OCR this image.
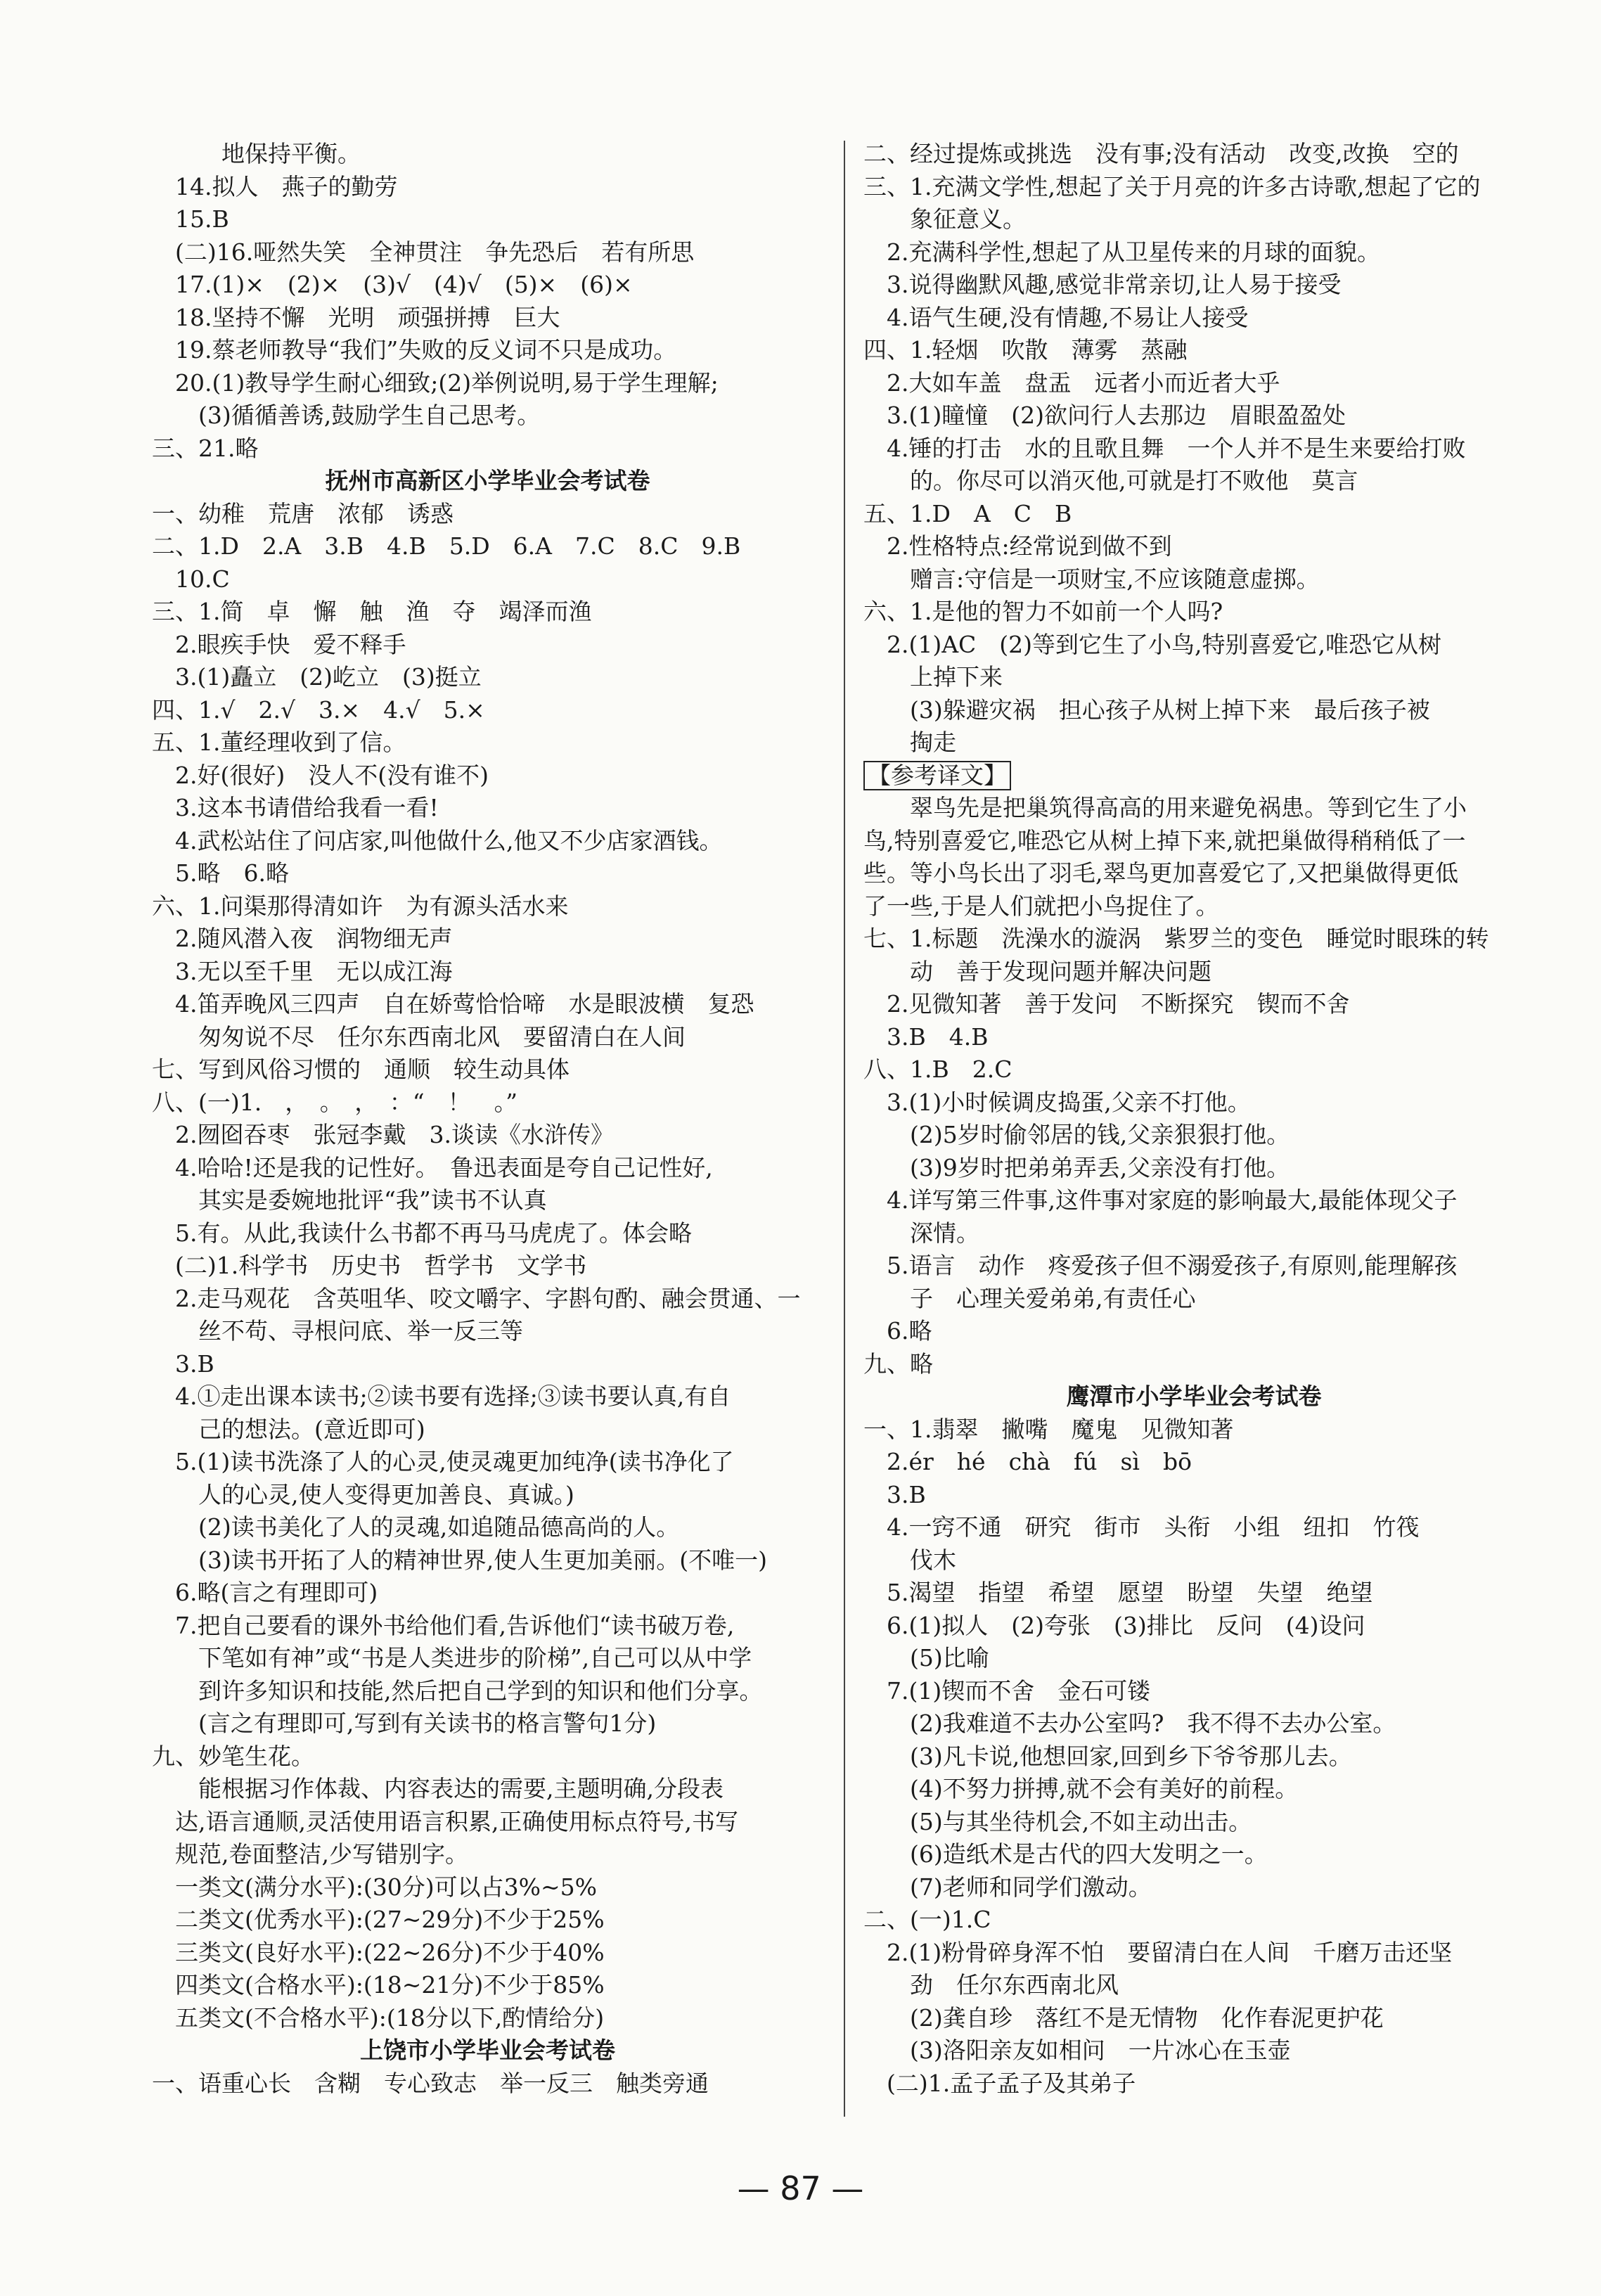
地保持平衡。
14.拟人　燕子的勤劳
15.B
(二)16.哑然失笑　全神贯注　争先恐后　若有所思
17.(1)×　(2)×　(3)√　(4)√　(5)×　(6)×
18.坚持不懈　光明　顽强拼搏　巨大
19.蔡老师教导“我们”失败的反义词不只是成功。
20.(1)教导学生耐心细致;(2)举例说明,易于学生理解;
(3)循循善诱,鼓励学生自己思考。
三、21.略
抚州市高新区小学毕业会考试卷
一、幼稚　荒唐　浓郁　诱惑
二、1.D　2.A　3.B　4.B　5.D　6.A　7.C　8.C　9.B
10.C
三、1.简　卓　懈　触　渔　夺　竭泽而渔
2.眼疾手快　爱不释手
3.(1)矗立　(2)屹立　(3)挺立
四、1.√　2.√　3.×　4.√　5.×
五、1.董经理收到了信。
2.好(很好)　没人不(没有谁不)
3.这本书请借给我看一看!
4.武松站住了问店家,叫他做什么,他又不少店家酒钱。
5.略　6.略
六、1.问渠那得清如许　为有源头活水来
2.随风潜入夜　润物细无声
3.无以至千里　无以成江海
4.笛弄晚风三四声　自在娇莺恰恰啼　水是眼波横　复恐
匆匆说不尽　任尔东西南北风　要留清白在人间
七、写到风俗习惯的　通顺　较生动具体
八、(一)1.　，　。　，　：“　！　。”
2.囫囵吞枣　张冠李戴　3.谈读《水浒传》
4.哈哈!还是我的记性好。　鲁迅表面是夸自己记性好,
其实是委婉地批评“我”读书不认真
5.有。从此,我读什么书都不再马马虎虎了。体会略
(二)1.科学书　历史书　哲学书　文学书
2.走马观花　含英咀华、咬文嚼字、字斟句酌、融会贯通、一
丝不苟、寻根问底、举一反三等
3.B
4.①走出课本读书;②读书要有选择;③读书要认真,有自
己的想法。(意近即可)
5.(1)读书洗涤了人的心灵,使灵魂更加纯净(读书净化了
人的心灵,使人变得更加善良、真诚。)
(2)读书美化了人的灵魂,如追随品德高尚的人。
(3)读书开拓了人的精神世界,使人生更加美丽。(不唯一)
6.略(言之有理即可)
7.把自己要看的课外书给他们看,告诉他们“读书破万卷,
下笔如有神”或“书是人类进步的阶梯”,自己可以从中学
到许多知识和技能,然后把自己学到的知识和他们分享。
(言之有理即可,写到有关读书的格言警句1分)
九、妙笔生花。
能根据习作体裁、内容表达的需要,主题明确,分段表
达,语言通顺,灵活使用语言积累,正确使用标点符号,书写
规范,卷面整洁,少写错别字。
一类文(满分水平):(30分)可以占3%~5%
二类文(优秀水平):(27~29分)不少于25%
三类文(良好水平):(22~26分)不少于40%
四类文(合格水平):(18~21分)不少于85%
五类文(不合格水平):(18分以下,酌情给分)
上饶市小学毕业会考试卷
一、语重心长　含糊　专心致志　举一反三　触类旁通
二、经过提炼或挑选　没有事;没有活动　改变,改换　空的
三、1.充满文学性,想起了关于月亮的许多古诗歌,想起了它的
象征意义。
2.充满科学性,想起了从卫星传来的月球的面貌。
3.说得幽默风趣,感觉非常亲切,让人易于接受
4.语气生硬,没有情趣,不易让人接受
四、1.轻烟　吹散　薄雾　蒸融
2.大如车盖　盘盂　远者小而近者大乎
3.(1)瞳憧　(2)欲问行人去那边　眉眼盈盈处
4.锤的打击　水的且歌且舞　一个人并不是生来要给打败
的。你尽可以消灭他,可就是打不败他　莫言
五、1.D　A　C　B
2.性格特点:经常说到做不到
赠言:守信是一项财宝,不应该随意虚掷。
六、1.是他的智力不如前一个人吗?
2.(1)AC　(2)等到它生了小鸟,特别喜爱它,唯恐它从树
上掉下来
(3)躲避灾祸　担心孩子从树上掉下来　最后孩子被
掏走
【参考译文】
翠鸟先是把巢筑得高高的用来避免祸患。等到它生了小
鸟,特别喜爱它,唯恐它从树上掉下来,就把巢做得稍稍低了一
些。等小鸟长出了羽毛,翠鸟更加喜爱它了,又把巢做得更低
了一些,于是人们就把小鸟捉住了。
七、1.标题　洗澡水的漩涡　紫罗兰的变色　睡觉时眼珠的转
动　善于发现问题并解决问题
2.见微知著　善于发问　不断探究　锲而不舍
3.B　4.B
八、1.B　2.C
3.(1)小时候调皮捣蛋,父亲不打他。
(2)5岁时偷邻居的钱,父亲狠狠打他。
(3)9岁时把弟弟弄丢,父亲没有打他。
4.详写第三件事,这件事对家庭的影响最大,最能体现父子
深情。
5.语言　动作　疼爱孩子但不溺爱孩子,有原则,能理解孩
子　心理关爱弟弟,有责任心
6.略
九、略
鹰潭市小学毕业会考试卷
一、1.翡翠　撇嘴　魔鬼　见微知著
2.ér　hé　chà　fú　sì　bō
3.B
4.一窍不通　研究　街市　头衔　小组　纽扣　竹筏
伐木
5.渴望　指望　希望　愿望　盼望　失望　绝望
6.(1)拟人　(2)夸张　(3)排比　反问　(4)设问
(5)比喻
7.(1)锲而不舍　金石可镂
(2)我难道不去办公室吗?　我不得不去办公室。
(3)凡卡说,他想回家,回到乡下爷爷那儿去。
(4)不努力拼搏,就不会有美好的前程。
(5)与其坐待机会,不如主动出击。
(6)造纸术是古代的四大发明之一。
(7)老师和同学们激动。
二、(一)1.C
2.(1)粉骨碎身浑不怕　要留清白在人间　千磨万击还坚
劲　任尔东西南北风
(2)龚自珍　落红不是无情物　化作春泥更护花
(3)洛阳亲友如相问　一片冰心在玉壶
(二)1.孟子孟子及其弟子
— 87 —
